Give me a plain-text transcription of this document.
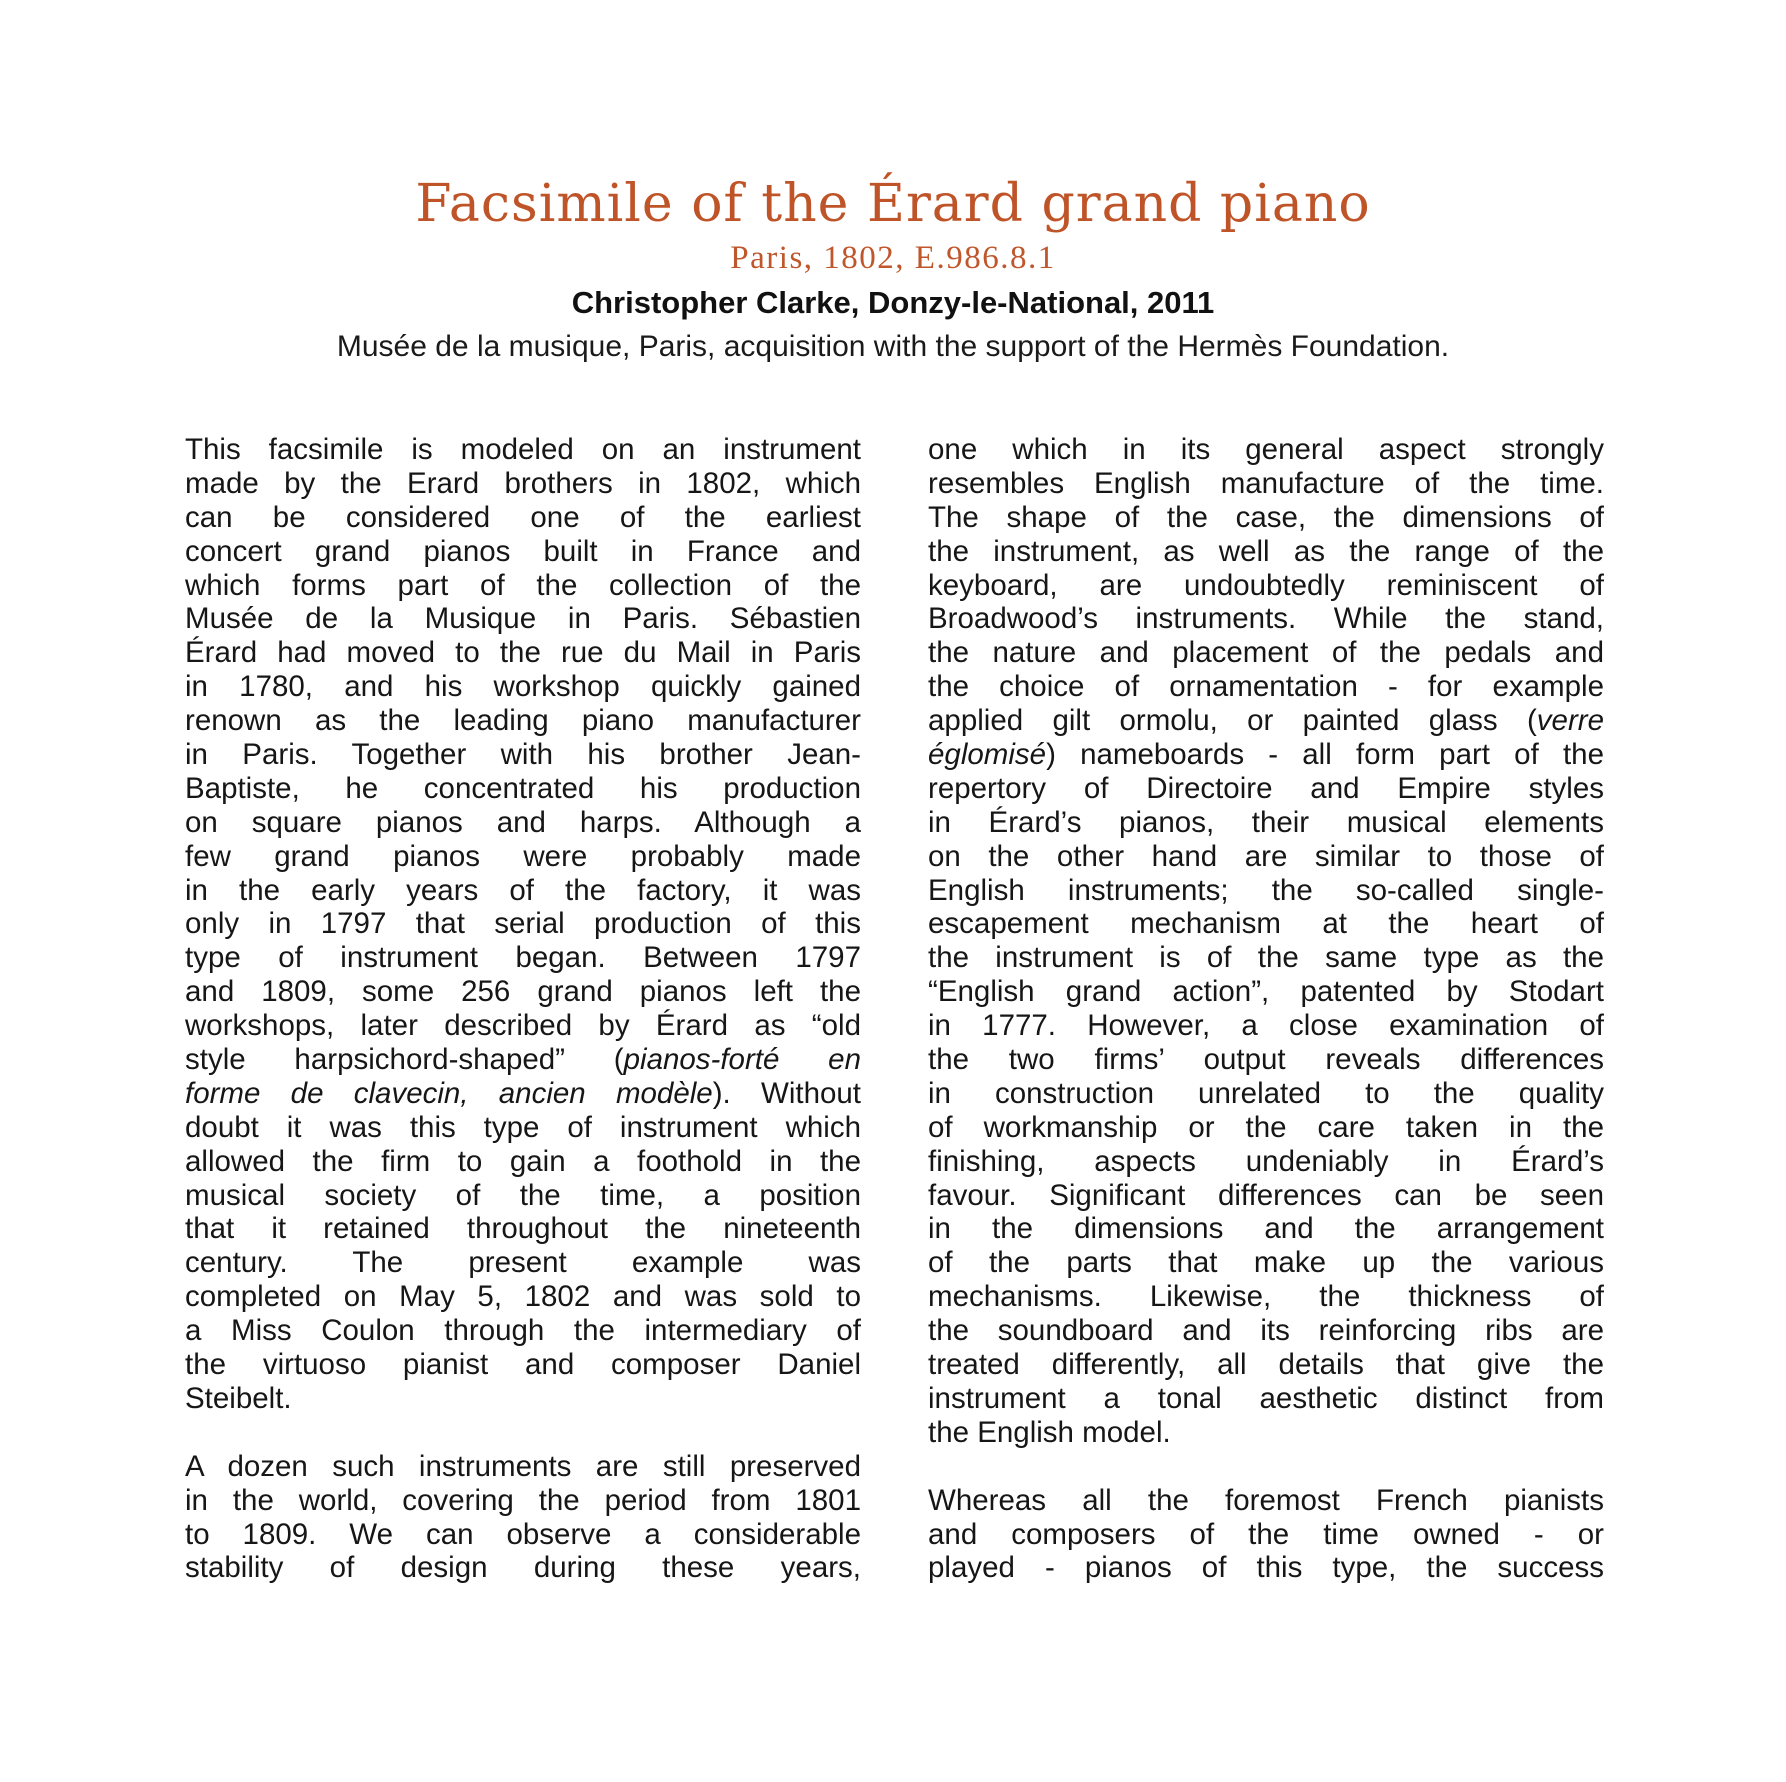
Facsimile of the Érard grand piano
Paris, 1802, E.986.8.1
Christopher Clarke, Donzy-le-National, 2011
Musée de la musique, Paris, acquisition with the support of the Hermès Foundation.
This facsimile is modeled on an instrument
made by the Erard brothers in 1802, which
can be considered one of the earliest
concert grand pianos built in France and
which forms part of the collection of the
Musée de la Musique in Paris. Sébastien
Érard had moved to the rue du Mail in Paris
in 1780, and his workshop quickly gained
renown as the leading piano manufacturer
in Paris. Together with his brother Jean-
Baptiste, he concentrated his production
on square pianos and harps. Although a
few grand pianos were probably made
in the early years of the factory, it was
only in 1797 that serial production of this
type of instrument began. Between 1797
and 1809, some 256 grand pianos left the
workshops, later described by Érard as “old
style harpsichord-shaped” (pianos-forté en
forme de clavecin, ancien modèle). Without
doubt it was this type of instrument which
allowed the firm to gain a foothold in the
musical society of the time, a position
that it retained throughout the nineteenth
century. The present example was
completed on May 5, 1802 and was sold to
a Miss Coulon through the intermediary of
the virtuoso pianist and composer Daniel
Steibelt.
A dozen such instruments are still preserved
in the world, covering the period from 1801
to 1809. We can observe a considerable
stability of design during these years,
one which in its general aspect strongly
resembles English manufacture of the time.
The shape of the case, the dimensions of
the instrument, as well as the range of the
keyboard, are undoubtedly reminiscent of
Broadwood’s instruments. While the stand,
the nature and placement of the pedals and
the choice of ornamentation - for example
applied gilt ormolu, or painted glass (verre
églomisé) nameboards - all form part of the
repertory of Directoire and Empire styles
in Érard’s pianos, their musical elements
on the other hand are similar to those of
English instruments; the so-called single-
escapement mechanism at the heart of
the instrument is of the same type as the
“English grand action”, patented by Stodart
in 1777. However, a close examination of
the two firms’ output reveals differences
in construction unrelated to the quality
of workmanship or the care taken in the
finishing, aspects undeniably in Érard’s
favour. Significant differences can be seen
in the dimensions and the arrangement
of the parts that make up the various
mechanisms. Likewise, the thickness of
the soundboard and its reinforcing ribs are
treated differently, all details that give the
instrument a tonal aesthetic distinct from
the English model.
Whereas all the foremost French pianists
and composers of the time owned - or
played - pianos of this type, the success
